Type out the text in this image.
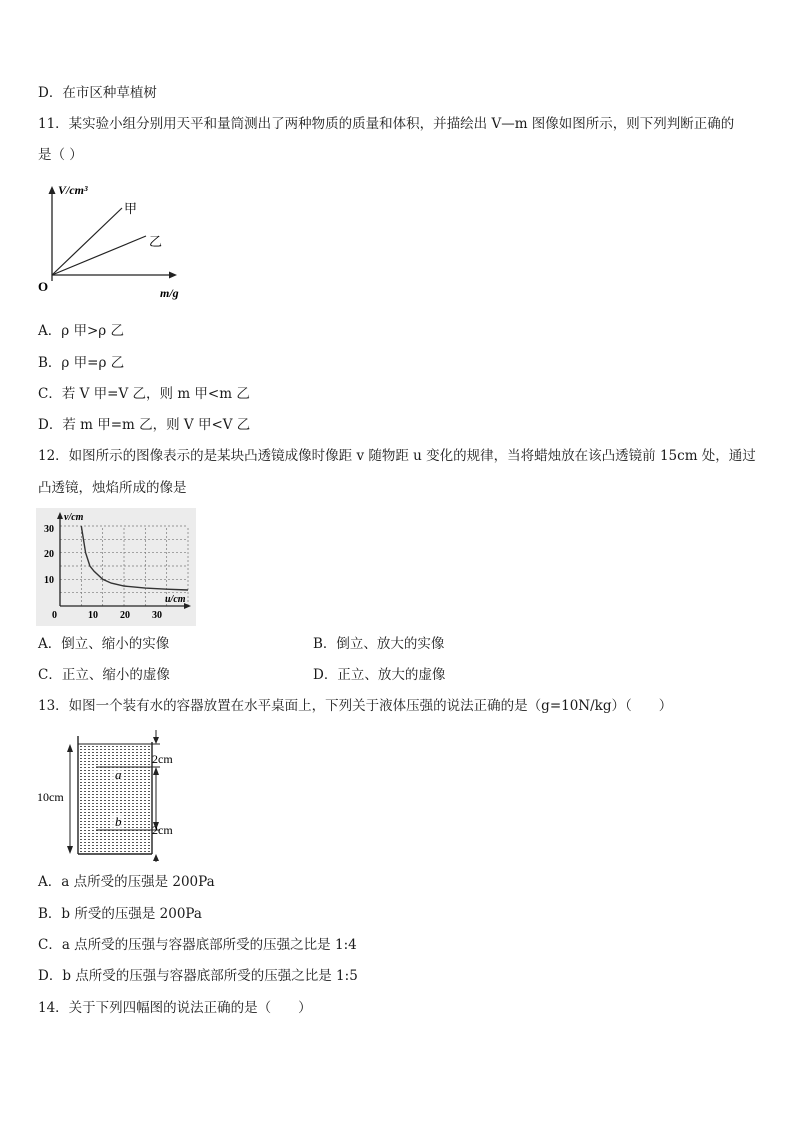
D．在市区种草植树
11．某实验小组分别用天平和量筒测出了两种物质的质量和体积，并描绘出 V—m 图像如图所示，则下列判断正确的
是（ ）
V/cm³
m/g
O
甲
乙
A．ρ 甲>ρ 乙
B．ρ 甲=ρ 乙
C．若 V 甲=V 乙，则 m 甲<m 乙
D．若 m 甲=m 乙，则 V 甲<V 乙
12．如图所示的图像表示的是某块凸透镜成像时像距 v 随物距 u 变化的规律，当将蜡烛放在该凸透镜前 15cm 处，通过
凸透镜，烛焰所成的像是
v/cm
u/cm
30
20
10
0	10 20 30
A．倒立、缩小的实像	B．倒立、放大的实像
C．正立、缩小的虚像	D．正立、放大的虚像
13．如图一个装有水的容器放置在水平桌面上，下列关于液体压强的说法正确的是（g=10N/kg）（　　）
10cm
2cm
2cm
a
b
A．a 点所受的压强是 200Pa
B．b 所受的压强是 200Pa
C．a 点所受的压强与容器底部所受的压强之比是 1:4
D．b 点所受的压强与容器底部所受的压强之比是 1:5
14．关于下列四幅图的说法正确的是（　　）
